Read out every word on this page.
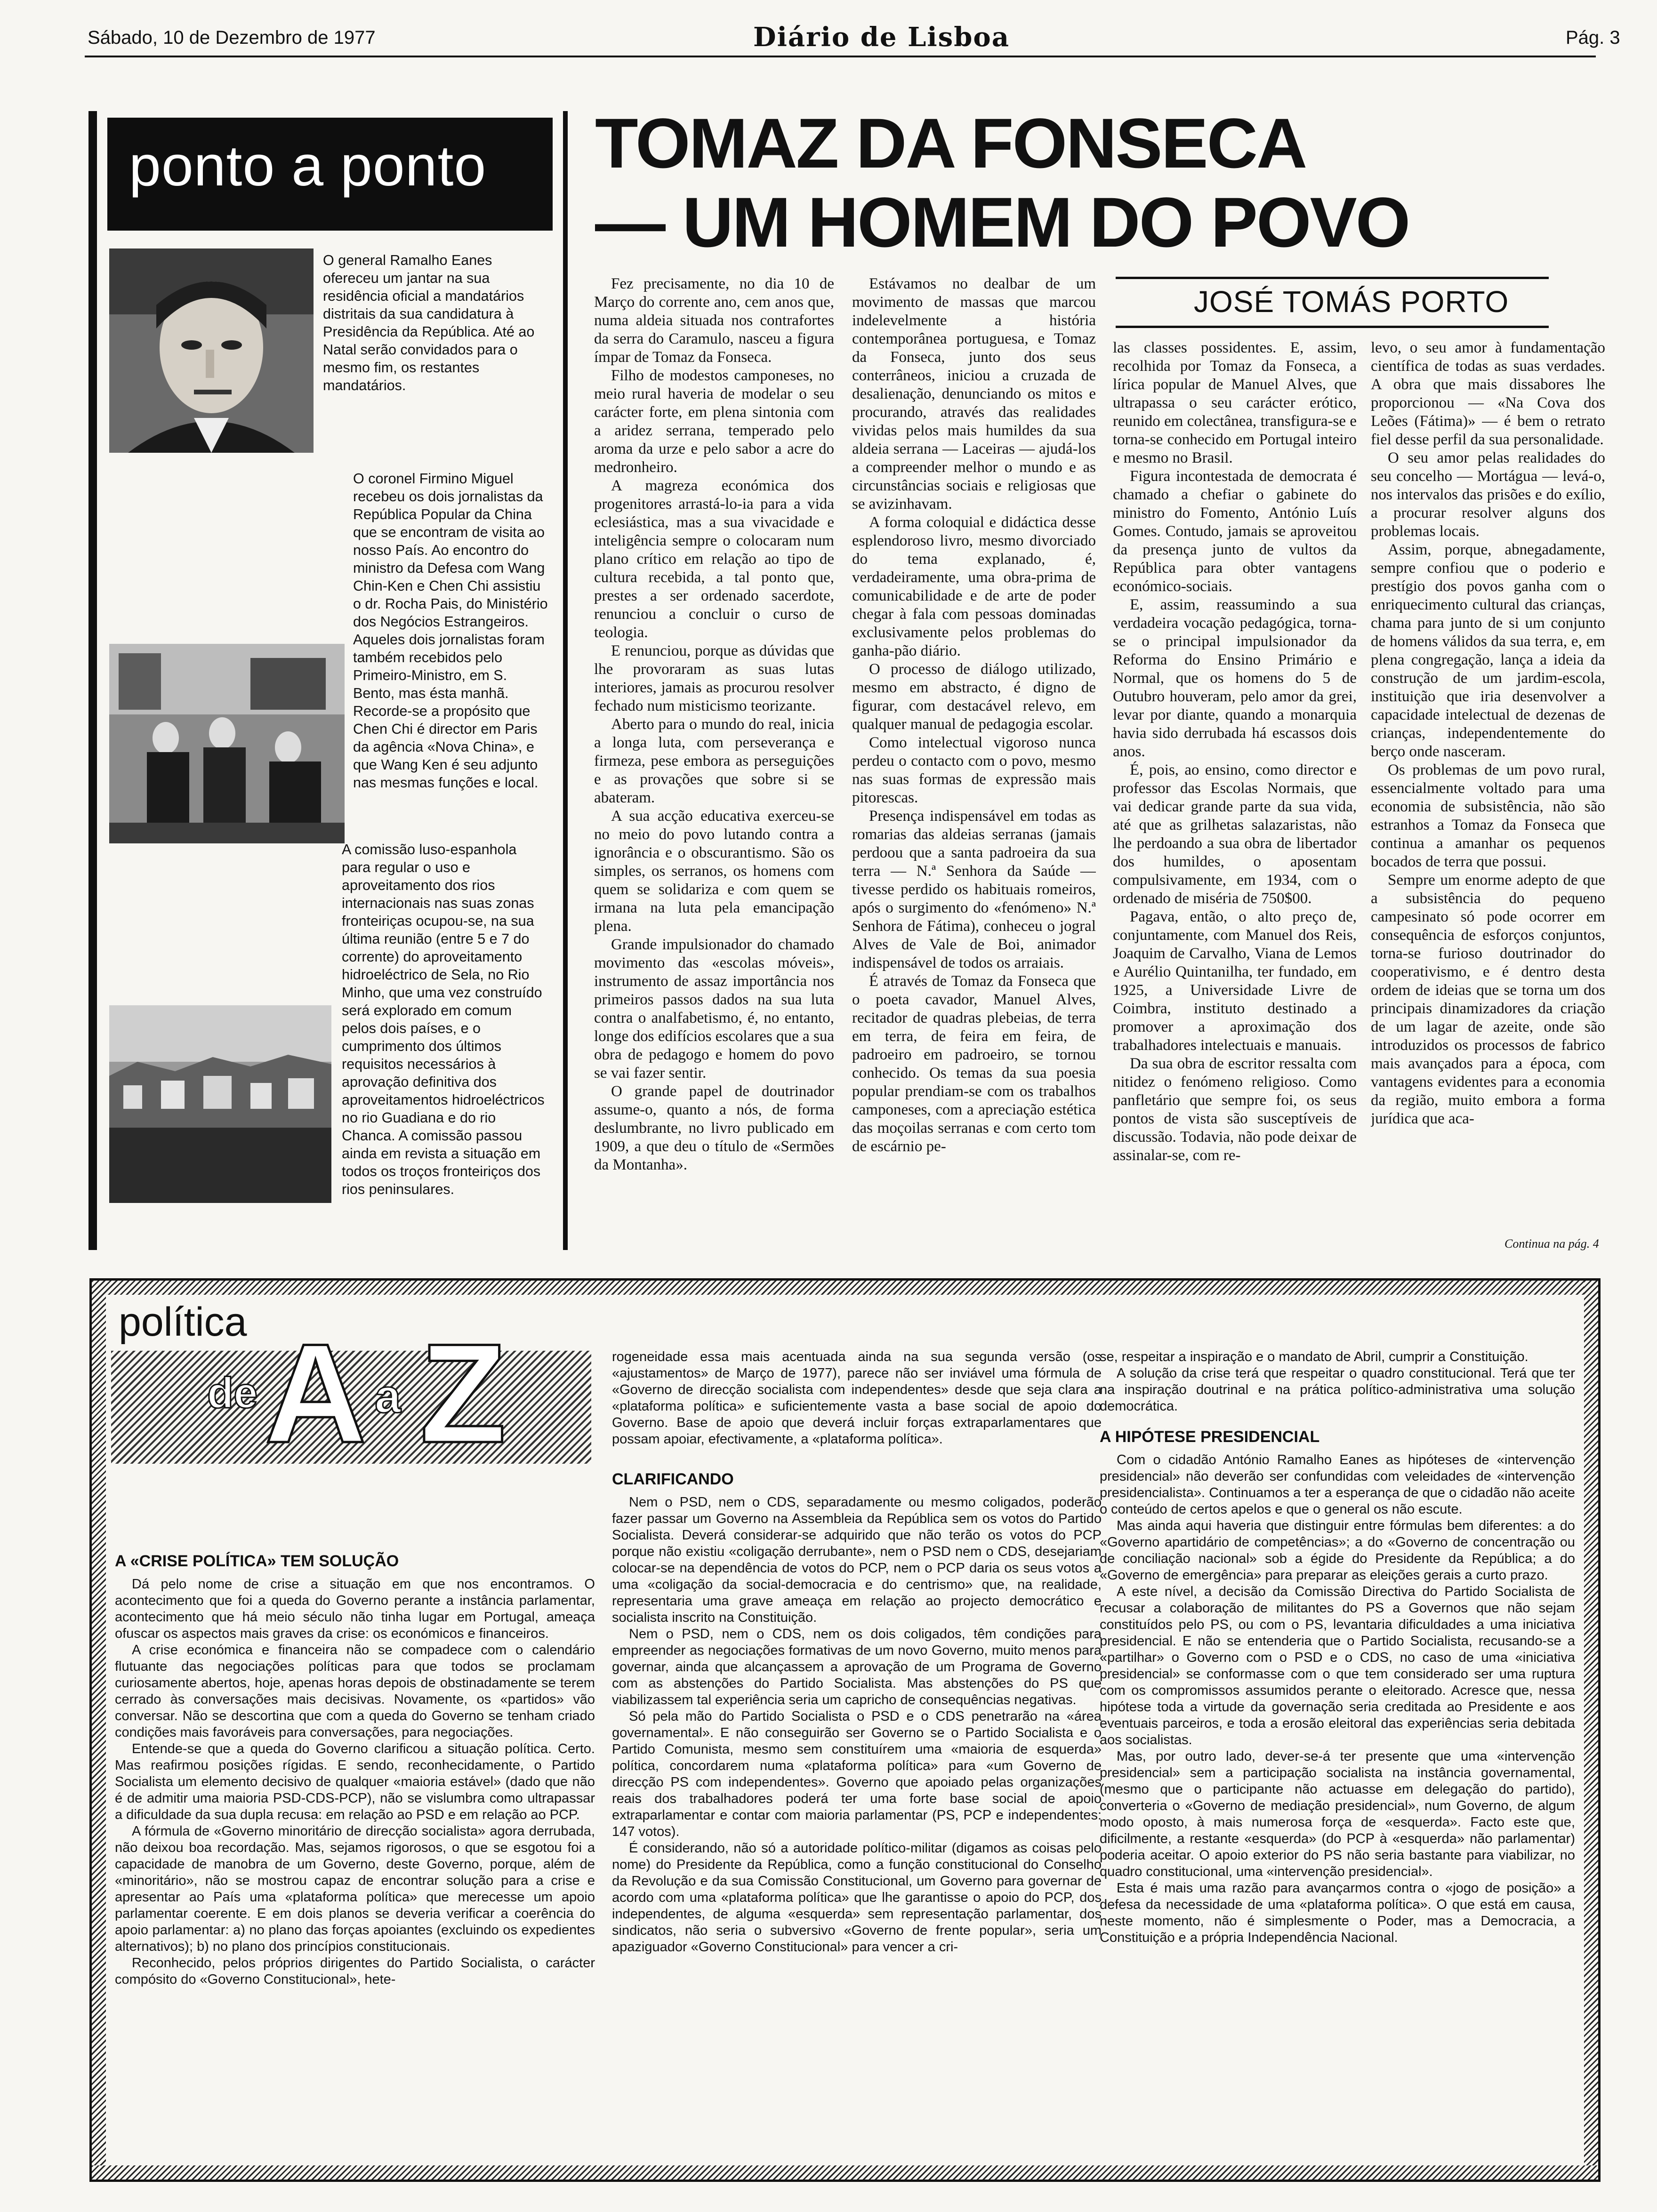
Sábado, 10 de Dezembro de 1977	Diário de Lisboa	Pág. 3
ponto a ponto

O general Ramalho Eanes ofereceu um jantar na sua residência oficial a mandatários distritais da sua candidatura à Presidência da República. Até ao Natal serão convidados para o mesmo fim, os restantes mandatários.

O coronel Firmino Miguel recebeu os dois jornalistas da República Popular da China que se encontram de visita ao nosso País. Ao encontro do ministro da Defesa com Wang Chin-Ken e Chen Chi assistiu o dr. Rocha Pais, do Ministério dos Negócios Estrangeiros. Aqueles dois jornalistas foram também recebidos pelo Primeiro-Ministro, em S. Bento, mas ésta manhã. Recorde-se a propósito que Chen Chi é director em Paris da agência «Nova China», e que Wang Ken é seu adjunto nas mesmas funções e local.

A comissão luso-espanhola para regular o uso e aproveitamento dos rios internacionais nas suas zonas fronteiriças ocupou-se, na sua última reunião (entre 5 e 7 do corrente) do aproveitamento hidroeléctrico de Sela, no Rio Minho, que uma vez construído será explorado em comum pelos dois países, e o cumprimento dos últimos requisitos necessários à aprovação definitiva dos aproveitamentos hidroeléctricos no rio Guadiana e do rio Chanca. A comissão passou ainda em revista a situação em todos os troços fronteiriços dos rios peninsulares.

TOMAZ DA FONSECA
— UM HOMEM DO POVO
JOSÉ TOMÁS PORTO

Fez precisamente, no dia 10 de Março do corrente ano, cem anos que, numa aldeia situada nos contrafortes da serra do Caramulo, nasceu a figura ímpar de Tomaz da Fonseca.

Filho de modestos camponeses, no meio rural haveria de modelar o seu carácter forte, em plena sintonia com a aridez serrana, temperado pelo aroma da urze e pelo sabor a acre do medronheiro.

A magreza económica dos progenitores arrastá-lo-ia para a vida eclesiástica, mas a sua vivacidade e inteligência sempre o colocaram num plano crítico em relação ao tipo de cultura recebida, a tal ponto que, prestes a ser ordenado sacerdote, renunciou a concluir o curso de teologia.

E renunciou, porque as dúvidas que lhe provoraram as suas lutas interiores, jamais as procurou resolver fechado num misticismo teorizante.

Aberto para o mundo do real, inicia a longa luta, com perseverança e firmeza, pese embora as perseguições e as provações que sobre si se abateram.

A sua acção educativa exerceu-se no meio do povo lutando contra a ignorância e o obscurantismo. São os simples, os serranos, os homens com quem se solidariza e com quem se irmana na luta pela emancipação plena.

Grande impulsionador do chamado movimento das «escolas móveis», instrumento de assaz importância nos primeiros passos dados na sua luta contra o analfabetismo, é, no entanto, longe dos edifícios escolares que a sua obra de pedagogo e homem do povo se vai fazer sentir.

O grande papel de doutrinador assume-o, quanto a nós, de forma deslumbrante, no livro publicado em 1909, a que deu o título de «Sermões da Montanha».

Estávamos no dealbar de um movimento de massas que marcou indelevelmente a história contemporânea portuguesa, e Tomaz da Fonseca, junto dos seus conterrâneos, iniciou a cruzada de desalienação, denunciando os mitos e procurando, através das realidades vividas pelos mais humildes da sua aldeia serrana — Laceiras — ajudá-los a compreender melhor o mundo e as circunstâncias sociais e religiosas que se avizinhavam.

A forma coloquial e didáctica desse esplendoroso livro, mesmo divorciado do tema explanado, é, verdadeiramente, uma obra-prima de comunicabilidade e de arte de poder chegar à fala com pessoas dominadas exclusivamente pelos problemas do ganha-pão diário.

O processo de diálogo utilizado, mesmo em abstracto, é digno de figurar, com destacável relevo, em qualquer manual de pedagogia escolar.

Como intelectual vigoroso nunca perdeu o contacto com o povo, mesmo nas suas formas de expressão mais pitorescas.

Presença indispensável em todas as romarias das aldeias serranas (jamais perdoou que a santa padroeira da sua terra — N.ª Senhora da Saúde — tivesse perdido os habituais romeiros, após o surgimento do «fenómeno» N.ª Senhora de Fátima), conheceu o jogral Alves de Vale de Boi, animador indispensável de todos os arraiais.

É através de Tomaz da Fonseca que o poeta cavador, Manuel Alves, recitador de quadras plebeias, de terra em terra, de feira em feira, de padroeiro em padroeiro, se tornou conhecido. Os temas da sua poesia popular prendiam-se com os trabalhos camponeses, com a apreciação estética das moçoilas serranas e com certo tom de escárnio pe-

las classes possidentes. E, assim, recolhida por Tomaz da Fonseca, a lírica popular de Manuel Alves, que ultrapassa o seu carácter erótico, reunido em colectânea, transfigura-se e torna-se conhecido em Portugal inteiro e mesmo no Brasil.

Figura incontestada de democrata é chamado a chefiar o gabinete do ministro do Fomento, António Luís Gomes. Contudo, jamais se aproveitou da presença junto de vultos da República para obter vantagens económico-sociais.

E, assim, reassumindo a sua verdadeira vocação pedagógica, torna-se o principal impulsionador da Reforma do Ensino Primário e Normal, que os homens do 5 de Outubro houveram, pelo amor da grei, levar por diante, quando a monarquia havia sido derrubada há escassos dois anos.

É, pois, ao ensino, como director e professor das Escolas Normais, que vai dedicar grande parte da sua vida, até que as grilhetas salazaristas, não lhe perdoando a sua obra de libertador dos humildes, o aposentam compulsivamente, em 1934, com o ordenado de miséria de 750$00.

Pagava, então, o alto preço de, conjuntamente, com Manuel dos Reis, Joaquim de Carvalho, Viana de Lemos e Aurélio Quintanilha, ter fundado, em 1925, a Universidade Livre de Coimbra, instituto destinado a promover a aproximação dos trabalhadores intelectuais e manuais.

Da sua obra de escritor ressalta com nitidez o fenómeno religioso. Como panfletário que sempre foi, os seus pontos de vista são susceptíveis de discussão. Todavia, não pode deixar de assinalar-se, com re-

levo, o seu amor à fundamentação científica de todas as suas verdades. A obra que mais dissabores lhe proporcionou — «Na Cova dos Leões (Fátima)» — é bem o retrato fiel desse perfil da sua personalidade.

O seu amor pelas realidades do seu concelho — Mortágua — levá-o, nos intervalos das prisões e do exílio, a procurar resolver alguns dos problemas locais.

Assim, porque, abnegadamente, sempre confiou que o poderio e prestígio dos povos ganha com o enriquecimento cultural das crianças, chama para junto de si um conjunto de homens válidos da sua terra, e, em plena congregação, lança a ideia da construção de um jardim-escola, instituição que iria desenvolver a capacidade intelectual de dezenas de crianças, independentemente do berço onde nasceram.

Os problemas de um povo rural, essencialmente voltado para uma economia de subsistência, não são estranhos a Tomaz da Fonseca que continua a amanhar os pequenos bocados de terra que possui.

Sempre um enorme adepto de que a subsistência do pequeno campesinato só pode ocorrer em consequência de esforços conjuntos, torna-se furioso doutrinador do cooperativismo, e é dentro desta ordem de ideias que se torna um dos principais dinamizadores da criação de um lagar de azeite, onde são introduzidos os processos de fabrico mais avançados para a época, com vantagens evidentes para a economia da região, muito embora a forma jurídica que aca-

Continua na pág. 4
política
de A a Z
A «CRISE POLÍTICA» TEM SOLUÇÃO

Dá pelo nome de crise a situação em que nos encontramos. O acontecimento que foi a queda do Governo perante a instância parlamentar, acontecimento que há meio século não tinha lugar em Portugal, ameaça ofuscar os aspectos mais graves da crise: os económicos e financeiros.

A crise económica e financeira não se compadece com o calendário flutuante das negociações políticas para que todos se proclamam curiosamente abertos, hoje, apenas horas depois de obstinadamente se terem cerrado às conversações mais decisivas. Novamente, os «partidos» vão conversar. Não se descortina que com a queda do Governo se tenham criado condições mais favoráveis para conversações, para negociações.

Entende-se que a queda do Governo clarificou a situação política. Certo. Mas reafirmou posições rígidas. E sendo, reconhecidamente, o Partido Socialista um elemento decisivo de qualquer «maioria estável» (dado que não é de admitir uma maioria PSD-CDS-PCP), não se vislumbra como ultrapassar a dificuldade da sua dupla recusa: em relação ao PSD e em relação ao PCP.

A fórmula de «Governo minoritário de direcção socialista» agora derrubada, não deixou boa recordação. Mas, sejamos rigorosos, o que se esgotou foi a capacidade de manobra de um Governo, deste Governo, porque, além de «minoritário», não se mostrou capaz de encontrar solução para a crise e apresentar ao País uma «plataforma política» que merecesse um apoio parlamentar coerente. E em dois planos se deveria verificar a coerência do apoio parlamentar: a) no plano das forças apoiantes (excluindo os expedientes alternativos); b) no plano dos princípios constitucionais.

Reconhecido, pelos próprios dirigentes do Partido Socialista, o carácter compósito do «Governo Constitucional», hete-

rogeneidade essa mais acentuada ainda na sua segunda versão (os «ajustamentos» de Março de 1977), parece não ser inviável uma fórmula de «Governo de direcção socialista com independentes» desde que seja clara a «plataforma política» e suficientemente vasta a base social de apoio do Governo. Base de apoio que deverá incluir forças extraparlamentares que possam apoiar, efectivamente, a «plataforma política».

CLARIFICANDO

Nem o PSD, nem o CDS, separadamente ou mesmo coligados, poderão fazer passar um Governo na Assembleia da República sem os votos do Partido Socialista. Deverá considerar-se adquirido que não terão os votos do PCP porque não existiu «coligação derrubante», nem o PSD nem o CDS, desejariam colocar-se na dependência de votos do PCP, nem o PCP daria os seus votos a uma «coligação da social-democracia e do centrismo» que, na realidade, representaria uma grave ameaça em relação ao projecto democrático e socialista inscrito na Constituição.

Nem o PSD, nem o CDS, nem os dois coligados, têm condições para empreender as negociações formativas de um novo Governo, muito menos para governar, ainda que alcançassem a aprovação de um Programa de Governo com as abstenções do Partido Socialista. Mas abstenções do PS que viabilizassem tal experiência seria um capricho de consequências negativas.

Só pela mão do Partido Socialista o PSD e o CDS penetrarão na «área governamental». E não conseguirão ser Governo se o Partido Socialista e o Partido Comunista, mesmo sem constituírem uma «maioria de esquerda» política, concordarem numa «plataforma política» para «um Governo de direcção PS com independentes». Governo que apoiado pelas organizações reais dos trabalhadores poderá ter uma forte base social de apoio extraparlamentar e contar com maioria parlamentar (PS, PCP e independentes: 147 votos).

É considerando, não só a autoridade político-militar (digamos as coisas pelo nome) do Presidente da República, como a função constitucional do Conselho da Revolução e da sua Comissão Constitucional, um Governo para governar de acordo com uma «plataforma política» que lhe garantisse o apoio do PCP, dos independentes, de alguma «esquerda» sem representação parlamentar, dos sindicatos, não seria o subversivo «Governo de frente popular», seria um apaziguador «Governo Constitucional» para vencer a cri-

se, respeitar a inspiração e o mandato de Abril, cumprir a Constituição.

A solução da crise terá que respeitar o quadro constitucional. Terá que ter na inspiração doutrinal e na prática político-administrativa uma solução democrática.

A HIPÓTESE PRESIDENCIAL

Com o cidadão António Ramalho Eanes as hipóteses de «intervenção presidencial» não deverão ser confundidas com veleidades de «intervenção presidencialista». Continuamos a ter a esperança de que o cidadão não aceite o conteúdo de certos apelos e que o general os não escute.

Mas ainda aqui haveria que distinguir entre fórmulas bem diferentes: a do «Governo apartidário de competências»; a do «Governo de concentração ou de conciliação nacional» sob a égide do Presidente da República; a do «Governo de emergência» para preparar as eleições gerais a curto prazo.

A este nível, a decisão da Comissão Directiva do Partido Socialista de recusar a colaboração de militantes do PS a Governos que não sejam constituídos pelo PS, ou com o PS, levantaria dificuldades a uma iniciativa presidencial. E não se entenderia que o Partido Socialista, recusando-se a «partilhar» o Governo com o PSD e o CDS, no caso de uma «iniciativa presidencial» se conformasse com o que tem considerado ser uma ruptura com os compromissos assumidos perante o eleitorado. Acresce que, nessa hipótese toda a virtude da governação seria creditada ao Presidente e aos eventuais parceiros, e toda a erosão eleitoral das experiências seria debitada aos socialistas.

Mas, por outro lado, dever-se-á ter presente que uma «intervenção presidencial» sem a participação socialista na instância governamental, (mesmo que o participante não actuasse em delegação do partido), converteria o «Governo de mediação presidencial», num Governo, de algum modo oposto, à mais numerosa força de «esquerda». Facto este que, dificilmente, a restante «esquerda» (do PCP à «esquerda» não parlamentar) poderia aceitar. O apoio exterior do PS não seria bastante para viabilizar, no quadro constitucional, uma «intervenção presidencial».

Esta é mais uma razão para avançarmos contra o «jogo de posição» a defesa da necessidade de uma «plataforma política». O que está em causa, neste momento, não é simplesmente o Poder, mas a Democracia, a Constituição e a própria Independência Nacional.
